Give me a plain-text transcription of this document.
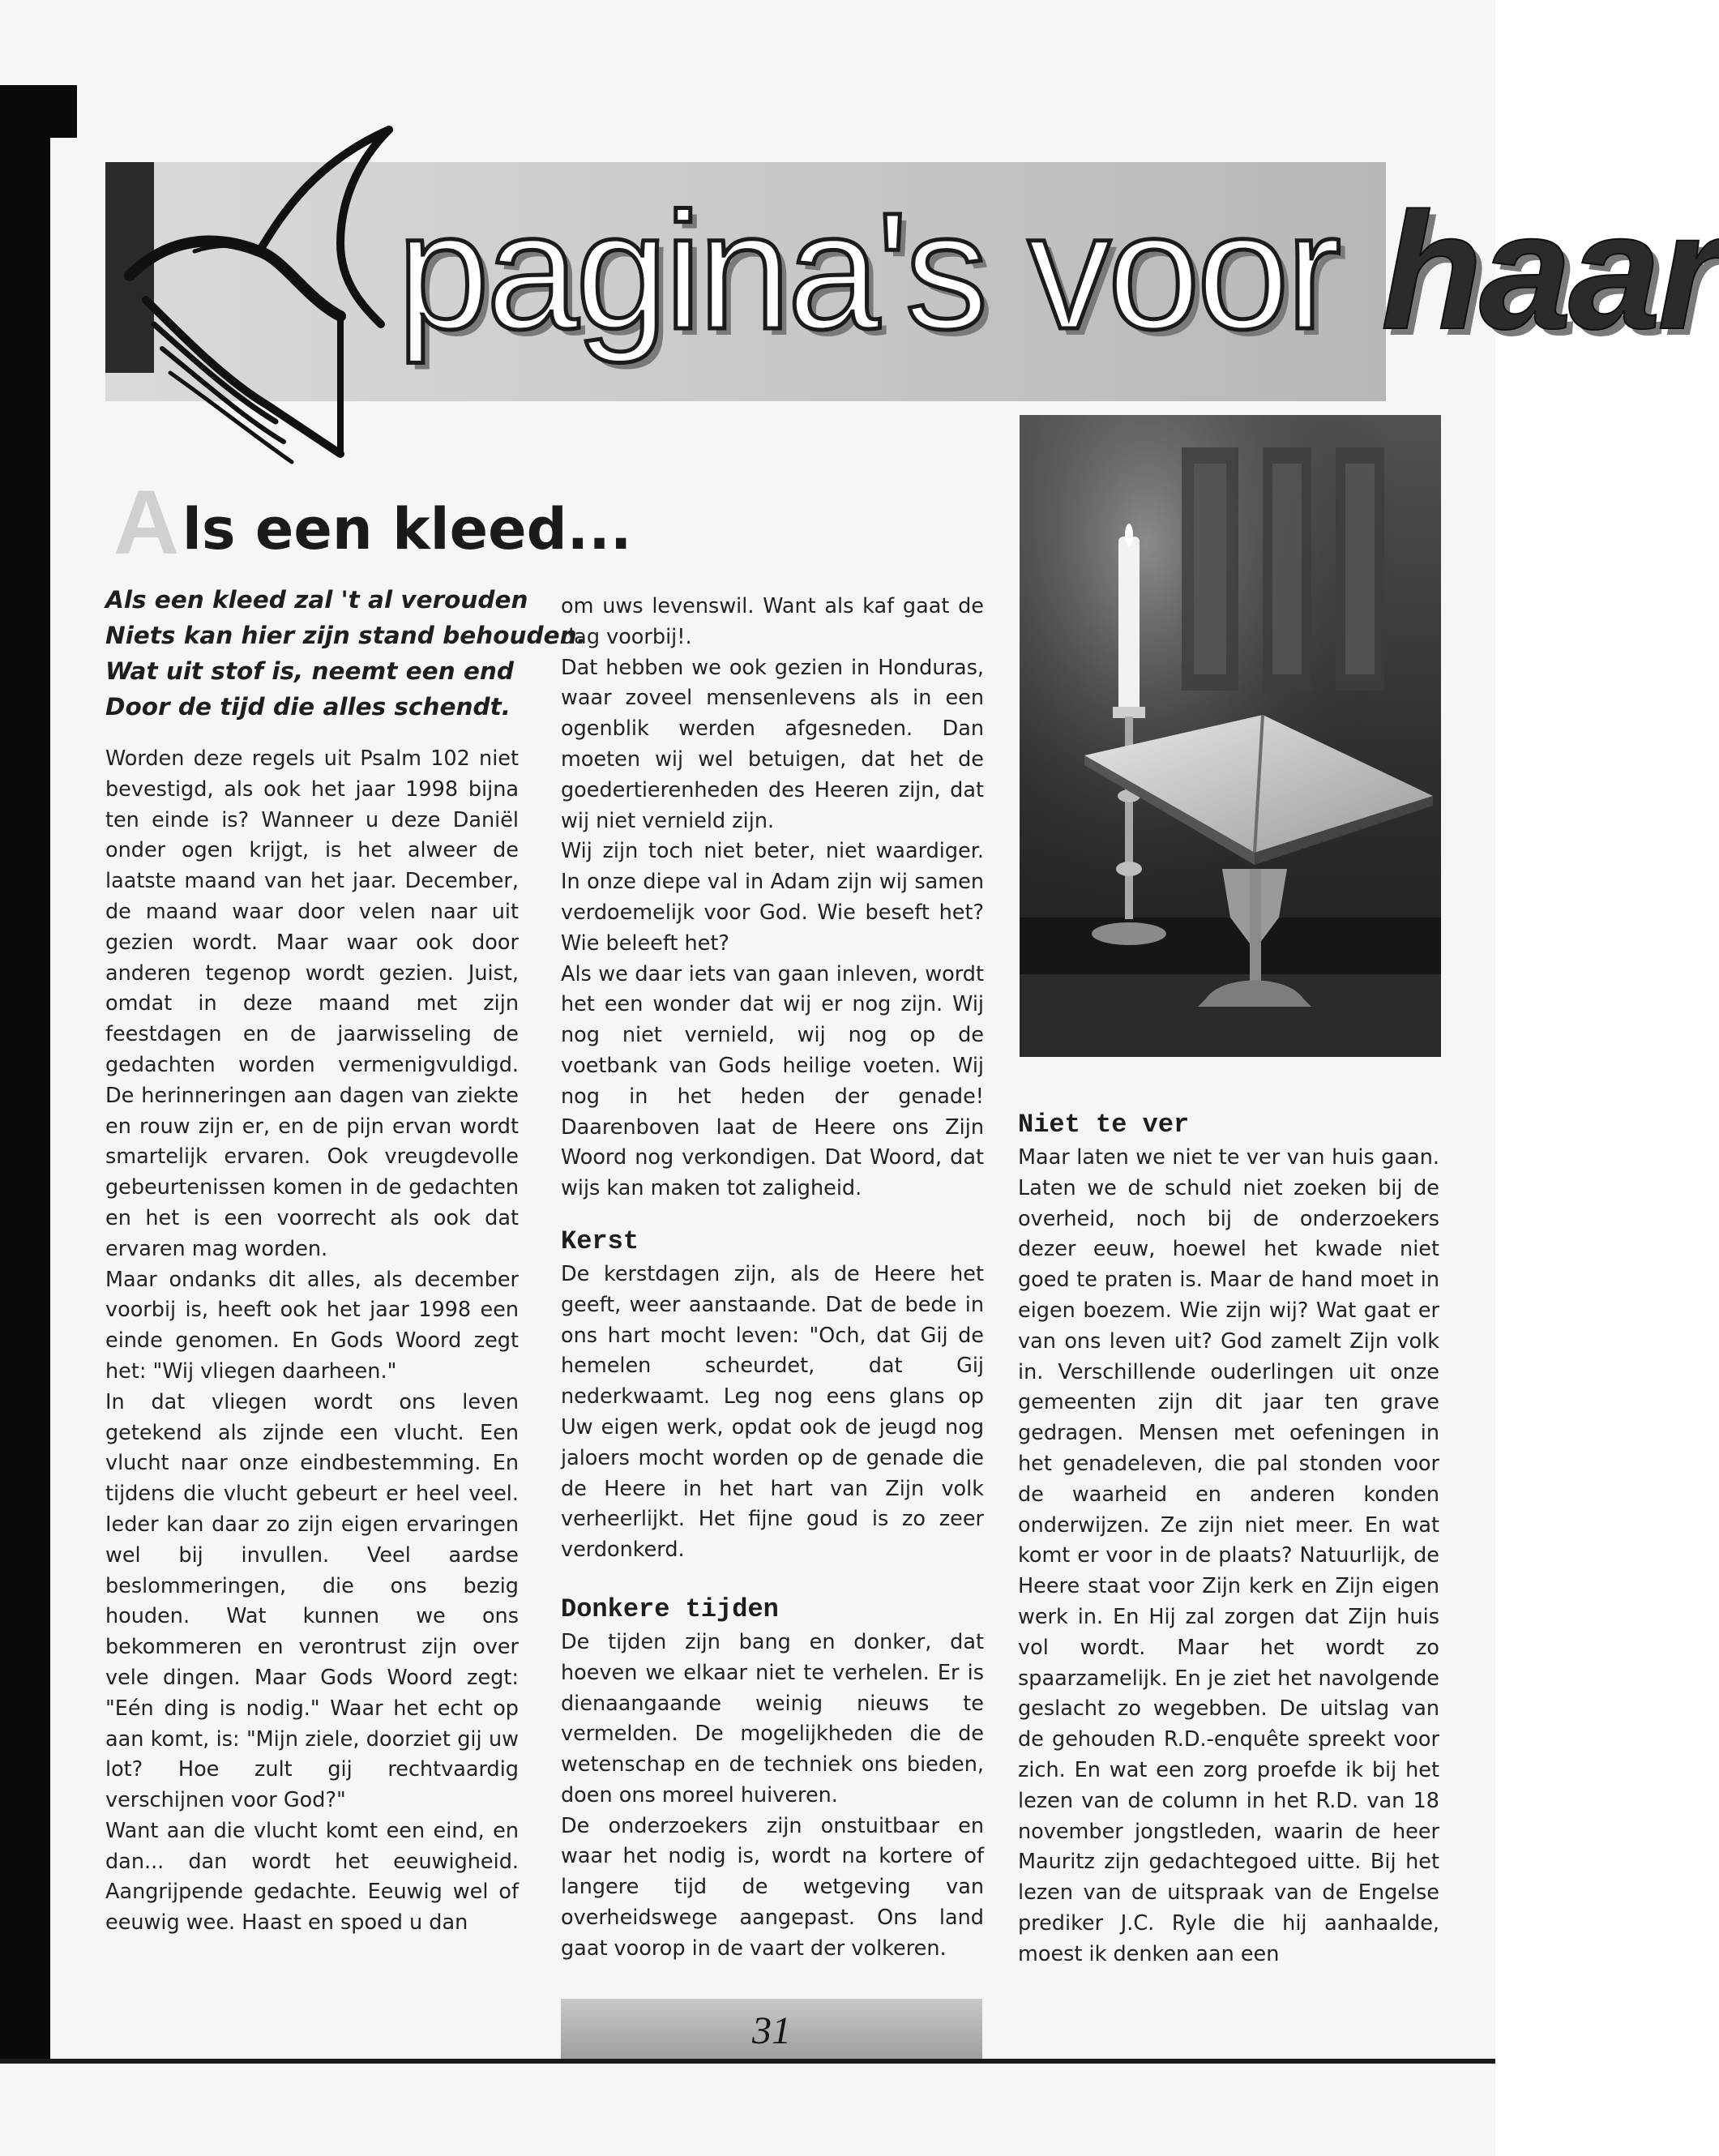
pagina's voor haar
Als een kleed...
Als een kleed zal 't al verouden
Niets kan hier zijn stand behouden.
Wat uit stof is, neemt een end
Door de tijd die alles schendt.

Worden deze regels uit Psalm 102 niet bevestigd, als ook het jaar 1998 bijna ten einde is? Wanneer u deze Daniël onder ogen krijgt, is het alweer de laatste maand van het jaar. December, de maand waar door velen naar uit gezien wordt. Maar waar ook door anderen tegenop wordt gezien. Juist, omdat in deze maand met zijn feestdagen en de jaarwisseling de gedachten worden vermenigvuldigd. De herinneringen aan dagen van ziekte en rouw zijn er, en de pijn ervan wordt smartelijk ervaren. Ook vreugdevolle gebeurtenissen komen in de gedachten en het is een voorrecht als ook dat ervaren mag worden.

Maar ondanks dit alles, als december voorbij is, heeft ook het jaar 1998 een einde genomen. En Gods Woord zegt het: "Wij vliegen daarheen."

In dat vliegen wordt ons leven getekend als zijnde een vlucht. Een vlucht naar onze eindbestemming. En tijdens die vlucht gebeurt er heel veel. Ieder kan daar zo zijn eigen ervaringen wel bij invullen. Veel aardse beslommeringen, die ons bezig houden. Wat kunnen we ons bekommeren en verontrust zijn over vele dingen. Maar Gods Woord zegt: "Eén ding is nodig." Waar het echt op aan komt, is: "Mijn ziele, doorziet gij uw lot? Hoe zult gij rechtvaardig verschijnen voor God?"

Want aan die vlucht komt een eind, en dan... dan wordt het eeuwigheid. Aangrijpende gedachte. Eeuwig wel of eeuwig wee. Haast en spoed u dan

om uws levenswil. Want als kaf gaat de dag voorbij!.

Dat hebben we ook gezien in Honduras, waar zoveel mensenlevens als in een ogenblik werden afgesneden. Dan moeten wij wel betuigen, dat het de goedertierenheden des Heeren zijn, dat wij niet vernield zijn.

Wij zijn toch niet beter, niet waardiger. In onze diepe val in Adam zijn wij samen verdoemelijk voor God. Wie beseft het? Wie beleeft het?

Als we daar iets van gaan inleven, wordt het een wonder dat wij er nog zijn. Wij nog niet vernield, wij nog op de voetbank van Gods heilige voeten. Wij nog in het heden der genade! Daarenboven laat de Heere ons Zijn Woord nog verkondigen. Dat Woord, dat wijs kan maken tot zaligheid.

Kerst

De kerstdagen zijn, als de Heere het geeft, weer aanstaande. Dat de bede in ons hart mocht leven: "Och, dat Gij de hemelen scheurdet, dat Gij nederkwaamt. Leg nog eens glans op Uw eigen werk, opdat ook de jeugd nog jaloers mocht worden op de genade die de Heere in het hart van Zijn volk verheerlijkt. Het fijne goud is zo zeer verdonkerd.

Donkere tijden

De tijden zijn bang en donker, dat hoeven we elkaar niet te verhelen. Er is dienaangaande weinig nieuws te vermelden. De mogelijkheden die de wetenschap en de techniek ons bieden, doen ons moreel huiveren.

De onderzoekers zijn onstuitbaar en waar het nodig is, wordt na kortere of langere tijd de wetgeving van overheidswege aangepast. Ons land gaat voorop in de vaart der volkeren.

Niet te ver

Maar laten we niet te ver van huis gaan. Laten we de schuld niet zoeken bij de overheid, noch bij de onderzoekers dezer eeuw, hoewel het kwade niet goed te praten is. Maar de hand moet in eigen boezem. Wie zijn wij? Wat gaat er van ons leven uit? God zamelt Zijn volk in. Verschillende ouderlingen uit onze gemeenten zijn dit jaar ten grave gedragen. Mensen met oefeningen in het genadeleven, die pal stonden voor de waarheid en anderen konden onderwijzen. Ze zijn niet meer. En wat komt er voor in de plaats? Natuurlijk, de Heere staat voor Zijn kerk en Zijn eigen werk in. En Hij zal zorgen dat Zijn huis vol wordt. Maar het wordt zo spaarzamelijk. En je ziet het navolgende geslacht zo wegebben. De uitslag van de gehouden R.D.-enquête spreekt voor zich. En wat een zorg proefde ik bij het lezen van de column in het R.D. van 18 november jongstleden, waarin de heer Mauritz zijn gedachtegoed uitte. Bij het lezen van de uitspraak van de Engelse prediker J.C. Ryle die hij aanhaalde, moest ik denken aan een

31
